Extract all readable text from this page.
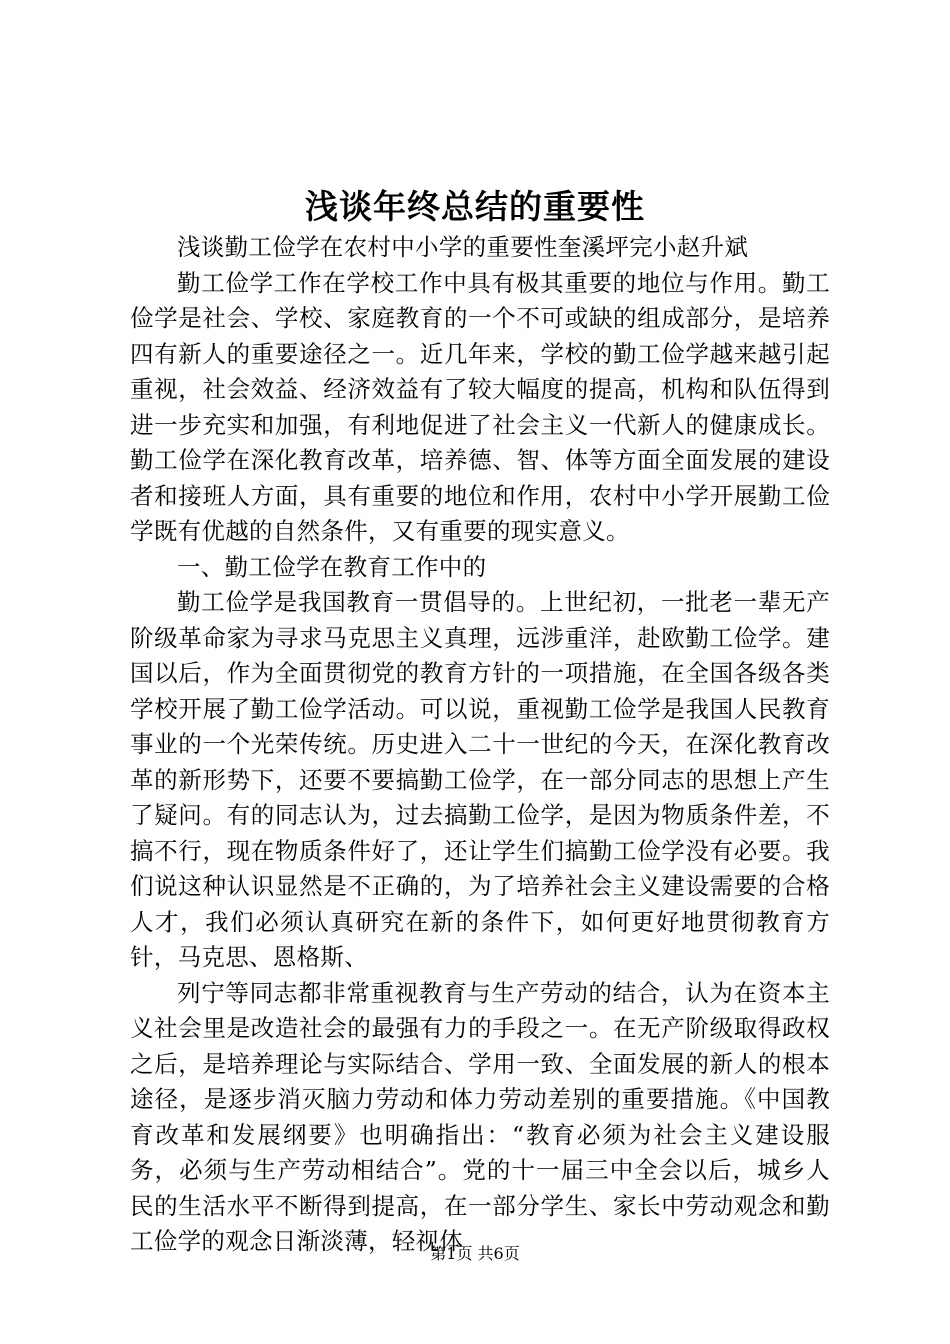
浅谈年终总结的重要性

浅谈勤工俭学在农村中小学的重要性奎溪坪完小赵升斌

勤工俭学工作在学校工作中具有极其重要的地位与作用。勤工俭学是社会、学校、家庭教育的一个不可或缺的组成部分，是培养四有新人的重要途径之一。近几年来，学校的勤工俭学越来越引起重视，社会效益、经济效益有了较大幅度的提高，机构和队伍得到进一步充实和加强，有利地促进了社会主义一代新人的健康成长。勤工俭学在深化教育改革，培养德、智、体等方面全面发展的建设者和接班人方面，具有重要的地位和作用，农村中小学开展勤工俭学既有优越的自然条件，又有重要的现实意义。

一、勤工俭学在教育工作中的

勤工俭学是我国教育一贯倡导的。上世纪初，一批老一辈无产阶级革命家为寻求马克思主义真理，远涉重洋，赴欧勤工俭学。建国以后，作为全面贯彻党的教育方针的一项措施，在全国各级各类学校开展了勤工俭学活动。可以说，重视勤工俭学是我国人民教育事业的一个光荣传统。历史进入二十一世纪的今天，在深化教育改革的新形势下，还要不要搞勤工俭学，在一部分同志的思想上产生了疑问。有的同志认为，过去搞勤工俭学，是因为物质条件差，不搞不行，现在物质条件好了，还让学生们搞勤工俭学没有必要。我们说这种认识显然是不正确的，为了培养社会主义建设需要的合格人才，我们必须认真研究在新的条件下，如何更好地贯彻教育方针，马克思、恩格斯、

列宁等同志都非常重视教育与生产劳动的结合，认为在资本主义社会里是改造社会的最强有力的手段之一。在无产阶级取得政权之后，是培养理论与实际结合、学用一致、全面发展的新人的根本途径，是逐步消灭脑力劳动和体力劳动差别的重要措施。《中国教育改革和发展纲要》也明确指出：“教育必须为社会主义建设服务，必须与生产劳动相结合”。党的十一届三中全会以后，城乡人民的生活水平不断得到提高，在一部分学生、家长中劳动观念和勤工俭学的观念日渐淡薄，轻视体

第1页 共6页
